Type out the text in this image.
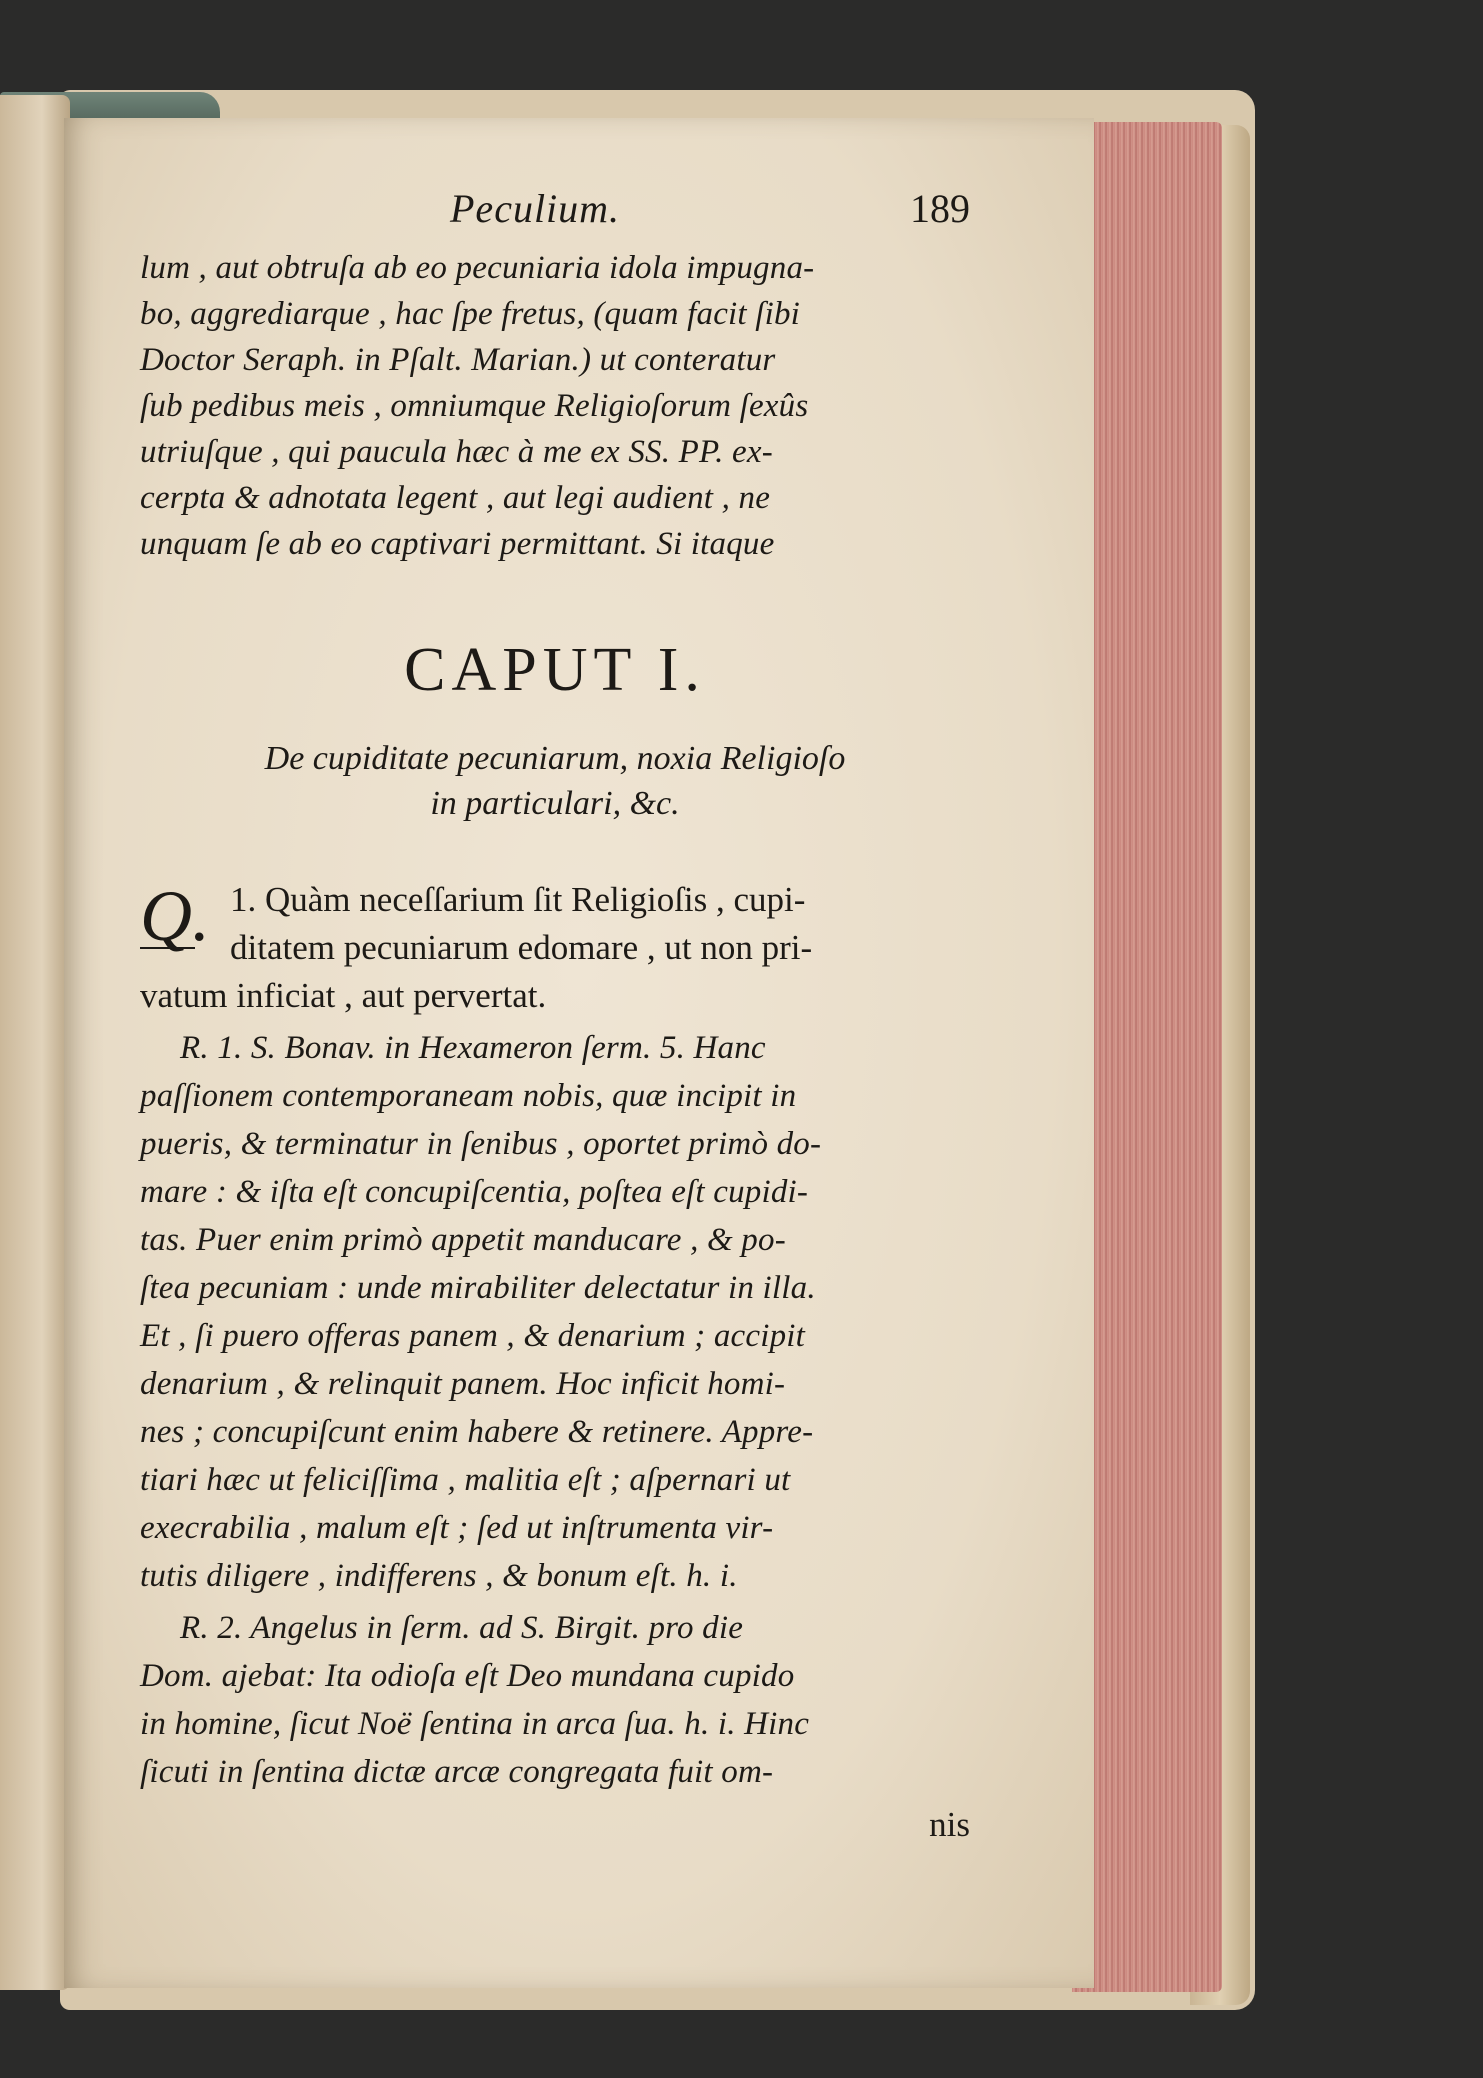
Peculium.	189
lum , aut obtruſa ab eo pecuniaria idola impugna-
bo, aggrediarque , hac ſpe fretus, (quam facit ſibi
Doctor Seraph. in Pſalt. Marian.) ut conteratur
ſub pedibus meis , omniumque Religioſorum ſexûs
utriuſque , qui paucula hæc à me ex SS. PP. ex-
cerpta & adnotata legent , aut legi audient , ne
unquam ſe ab eo captivari permittant. Si itaque
CAPUT I.
De cupiditate pecuniarum, noxia Religioſo
in particulari, &c.
Q. 1. Quàm neceſſarium ſit Religioſis , cupi-
ditatem pecuniarum edomare , ut non pri-
vatum inficiat , aut pervertat.
R. 1. S. Bonav. in Hexameron ſerm. 5. Hanc
paſſionem contemporaneam nobis, quæ incipit in
pueris, & terminatur in ſenibus , oportet primò do-
mare : & iſta eſt concupiſcentia, poſtea eſt cupidi-
tas. Puer enim primò appetit manducare , & po-
ſtea pecuniam : unde mirabiliter delectatur in illa.
Et , ſi puero offeras panem , & denarium ; accipit
denarium , & relinquit panem. Hoc inficit homi-
nes ; concupiſcunt enim habere & retinere. Appre-
tiari hæc ut feliciſſima , malitia eſt ; aſpernari ut
execrabilia , malum eſt ; ſed ut inſtrumenta vir-
tutis diligere , indifferens , & bonum eſt. h. i.
R. 2. Angelus in ſerm. ad S. Birgit. pro die
Dom. ajebat: Ita odioſa eſt Deo mundana cupido
in homine, ſicut Noë ſentina in arca ſua. h. i. Hinc
ſicuti in ſentina dictæ arcæ congregata fuit om-
nis
